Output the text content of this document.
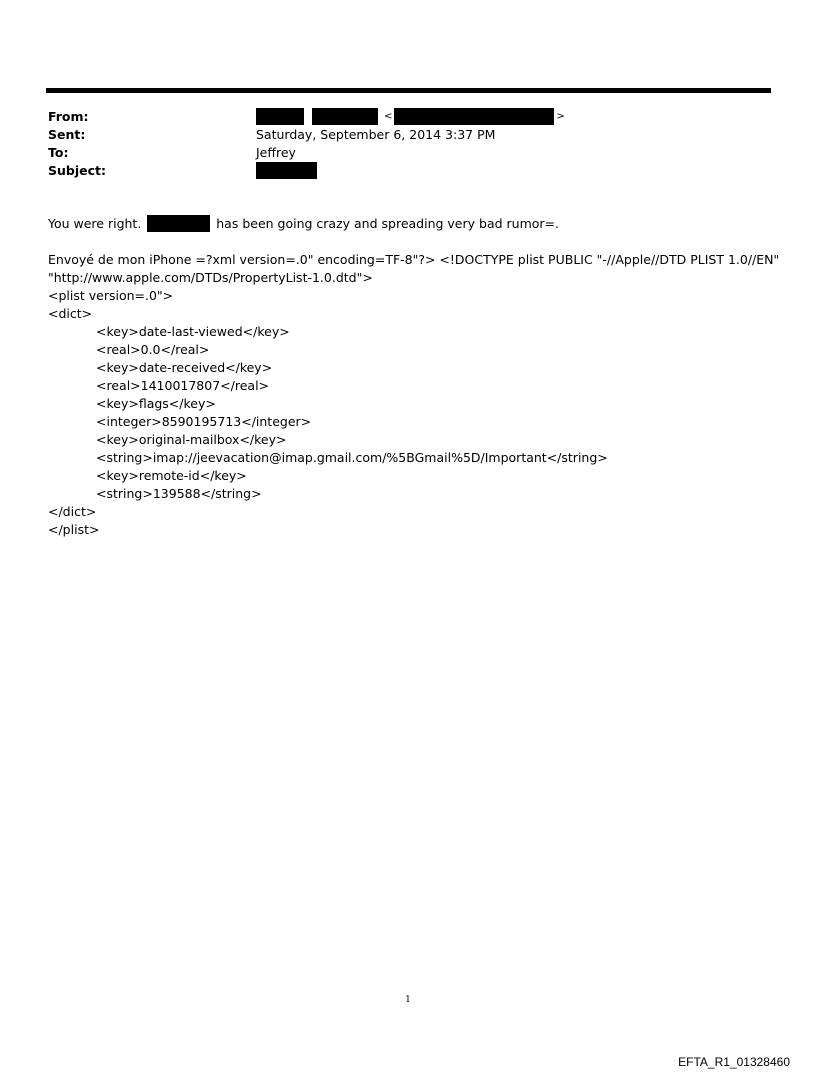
From:	<	>
Sent:	Saturday, September 6, 2014 3:37 PM
To:	Jeffrey
Subject:
You were right.	has been going crazy and spreading very bad rumor=.
Envoyé de mon iPhone =?xml version=.0" encoding=TF-8"?> <!DOCTYPE plist PUBLIC "-//Apple//DTD PLIST 1.0//EN"
"http://www.apple.com/DTDs/PropertyList-1.0.dtd">
<plist version=.0">
<dict>
<key>date-last-viewed</key>
<real>0.0</real>
<key>date-received</key>
<real>1410017807</real>
<key>flags</key>
<integer>8590195713</integer>
<key>original-mailbox</key>
<string>imap://jeevacation@imap.gmail.com/%5BGmail%5D/Important</string>
<key>remote-id</key>
<string>139588</string>
</dict>
</plist>
1
EFTA_R1_01328460
